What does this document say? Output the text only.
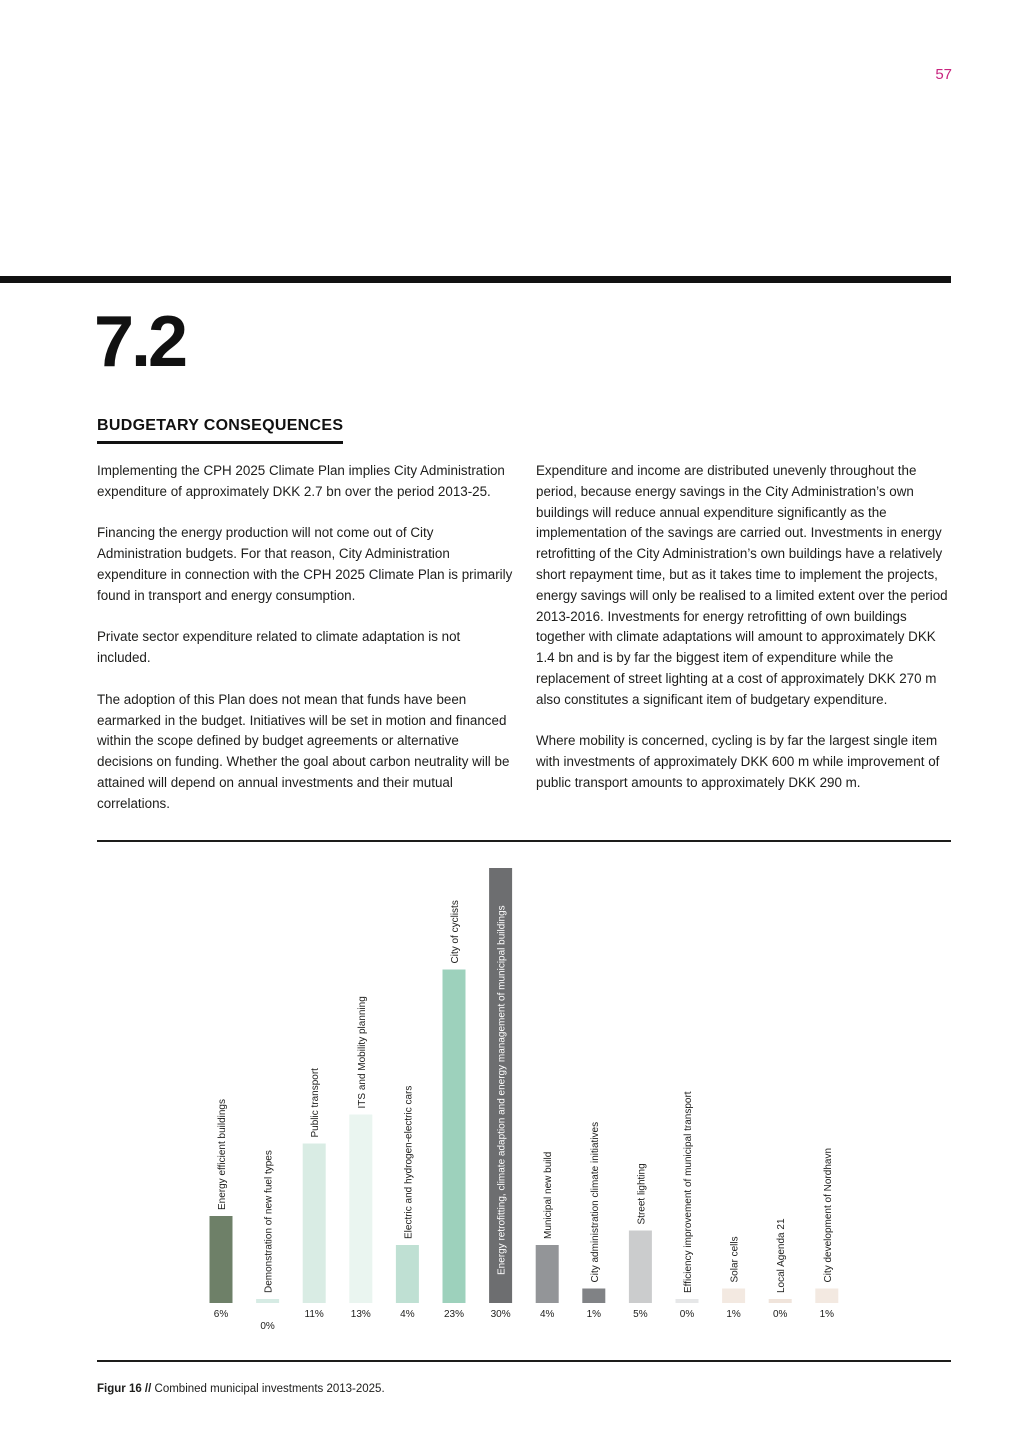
57
7.2
BUDGETARY CONSEQUENCES

Implementing the CPH 2025 Climate Plan implies City Administration expenditure of approximately DKK 2.7 bn over the period 2013-25.

Financing the energy production will not come out of City Administration budgets. For that reason, City Administration expenditure in connection with the CPH 2025 Climate Plan is primarily found in transport and energy consumption.

Private sector expenditure related to climate adaptation is not included.

The adoption of this Plan does not mean that funds have been earmarked in the budget. Initiatives will be set in motion and financed within the scope defined by budget agreements or alternative decisions on funding. Whether the goal about carbon neutrality will be attained will depend on annual investments and their mutual correlations.

Expenditure and income are distributed unevenly throughout the period, because energy savings in the City Administration’s own buildings will reduce annual expenditure significantly as the implementation of the savings are carried out. Investments in energy retrofitting of the City Administration’s own buildings have a relatively short repayment time, but as it takes time to implement the projects, energy savings will only be realised to a limited extent over the period 2013-2016. Investments for energy retrofitting of own buildings together with climate adaptations will amount to approximately DKK 1.4 bn and is by far the biggest item of expenditure while the replacement of street lighting at a cost of approximately DKK 270 m also constitutes a significant item of budgetary expenditure.

Where mobility is concerned, cycling is by far the largest single item with investments of approximately DKK 600 m while improvement of public transport amounts to approximately DKK 290 m.

Energy efficient buildings
6%
Demonstration of new fuel types
0%
Public transport
11%
ITS and Mobility planning
13%
Electric and hydrogen-electric cars
4%
City of cyclists
23%
Energy retrofitting, climate adaption and energy management of municipal buildings
30%
Municipal new build
4%
City administration climate initiatives
1%
Street lighting
5%
Efficiency improvement of municipal transport
0%
Solar cells
1%
Local Agenda 21
0%
City development of Nordhavn
1%
Figur 16 // Combined municipal investments 2013-2025.
